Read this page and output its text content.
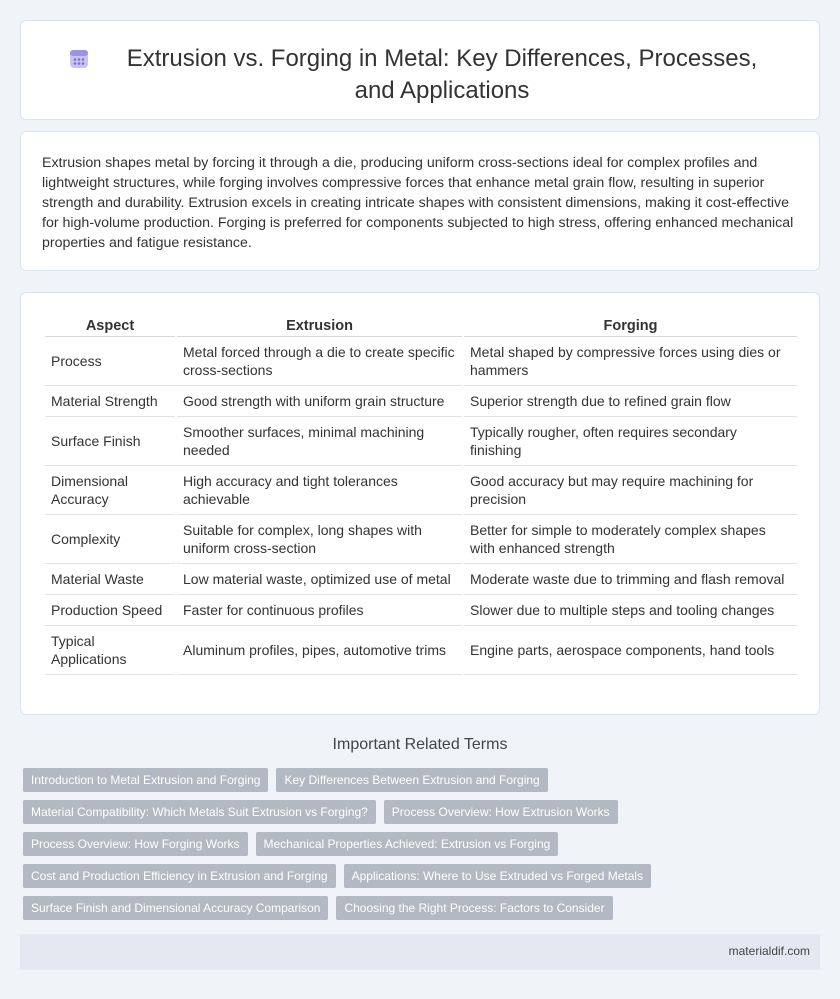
Extrusion vs. Forging in Metal: Key Differences, Processes, and Applications

Extrusion shapes metal by forcing it through a die, producing uniform cross-sections ideal for complex profiles and lightweight structures, while forging involves compressive forces that enhance metal grain flow, resulting in superior strength and durability. Extrusion excels in creating intricate shapes with consistent dimensions, making it cost-effective for high-volume production. Forging is preferred for components subjected to high stress, offering enhanced mechanical properties and fatigue resistance.

Aspect	Extrusion	Forging
Process	Metal forced through a die to create specific cross-sections	Metal shaped by compressive forces using dies or hammers
Material Strength	Good strength with uniform grain structure	Superior strength due to refined grain flow
Surface Finish	Smoother surfaces, minimal machining needed	Typically rougher, often requires secondary finishing
Dimensional Accuracy	High accuracy and tight tolerances achievable	Good accuracy but may require machining for precision
Complexity	Suitable for complex, long shapes with uniform cross-section	Better for simple to moderately complex shapes with enhanced strength
Material Waste	Low material waste, optimized use of metal	Moderate waste due to trimming and flash removal
Production Speed	Faster for continuous profiles	Slower due to multiple steps and tooling changes
Typical Applications	Aluminum profiles, pipes, automotive trims	Engine parts, aerospace components, hand tools
Important Related Terms
Introduction to Metal Extrusion and Forging	Key Differences Between Extrusion and Forging
Material Compatibility: Which Metals Suit Extrusion vs Forging?	Process Overview: How Extrusion Works
Process Overview: How Forging Works	Mechanical Properties Achieved: Extrusion vs Forging
Cost and Production Efficiency in Extrusion and Forging	Applications: Where to Use Extruded vs Forged Metals
Surface Finish and Dimensional Accuracy Comparison	Choosing the Right Process: Factors to Consider
materialdif.com
